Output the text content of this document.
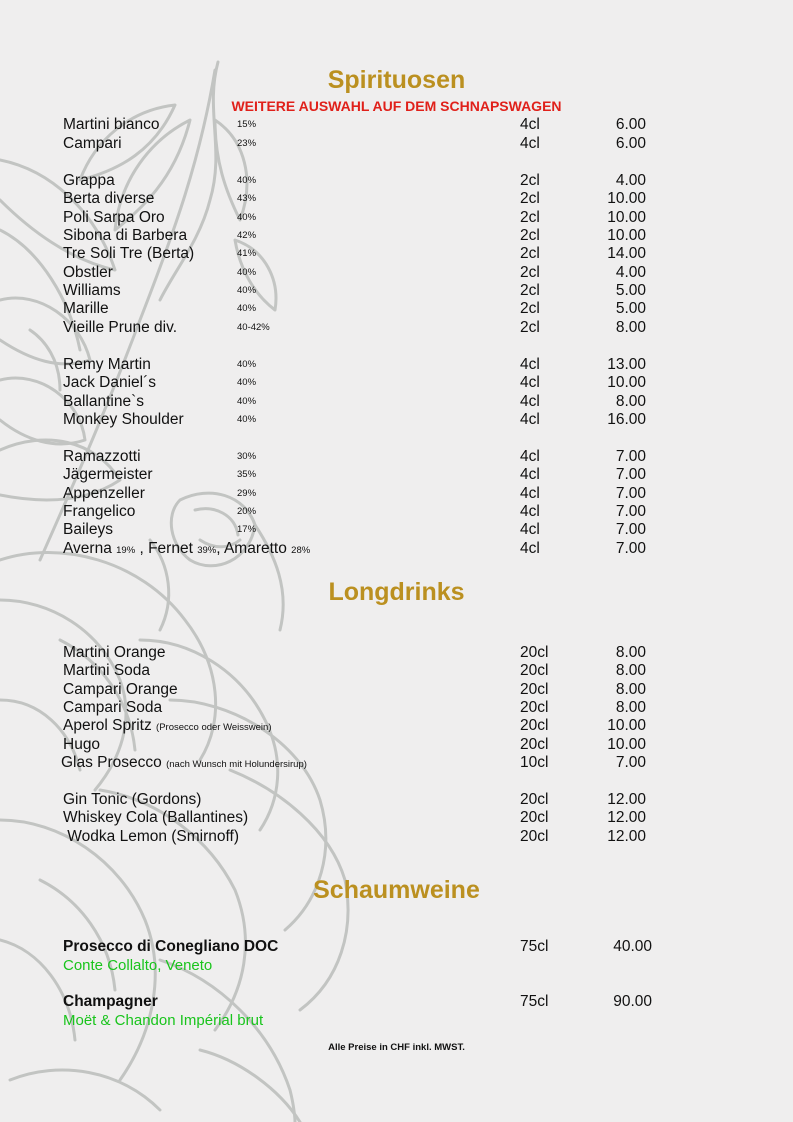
Spirituosen
WEITERE AUSWAHL AUF DEM SCHNAPSWAGEN
Martini bianco	15%	4cl	6.00
Campari	23%	4cl	6.00
Grappa	40%	2cl	4.00
Berta diverse	43%	2cl	10.00
Poli Sarpa Oro	40%	2cl	10.00
Sibona di Barbera	42%	2cl	10.00
Tre Soli Tre (Berta)	41%	2cl	14.00
Obstler	40%	2cl	4.00
Williams	40%	2cl	5.00
Marille	40%	2cl	5.00
Vieille Prune div.	40-42%	2cl	8.00
Remy Martin	40%	4cl	13.00
Jack Daniel´s	40%	4cl	10.00
Ballantine`s	40%	4cl	8.00
Monkey Shoulder	40%	4cl	16.00
Ramazzotti	30%	4cl	7.00
Jägermeister	35%	4cl	7.00
Appenzeller	29%	4cl	7.00
Frangelico	20%	4cl	7.00
Baileys	17%	4cl	7.00
Averna 19% , Fernet 39%, Amaretto 28%	4cl	7.00
Longdrinks
Martini Orange	20cl	8.00
Martini Soda	20cl	8.00
Campari Orange	20cl	8.00
Campari Soda	20cl	8.00
Aperol Spritz (Prosecco oder Weisswein)	20cl	10.00
Hugo	20cl	10.00
Glas Prosecco (nach Wunsch mit Holundersirup)	10cl	7.00
Gin Tonic (Gordons)	20cl	12.00
Whiskey Cola (Ballantines)	20cl	12.00
Wodka Lemon (Smirnoff)	20cl	12.00
Schaumweine
Prosecco di Conegliano DOC	75cl	40.00
Conte Collalto, Veneto
Champagner	75cl	90.00
Moët & Chandon Impérial brut
Alle Preise in CHF inkl. MWST.
